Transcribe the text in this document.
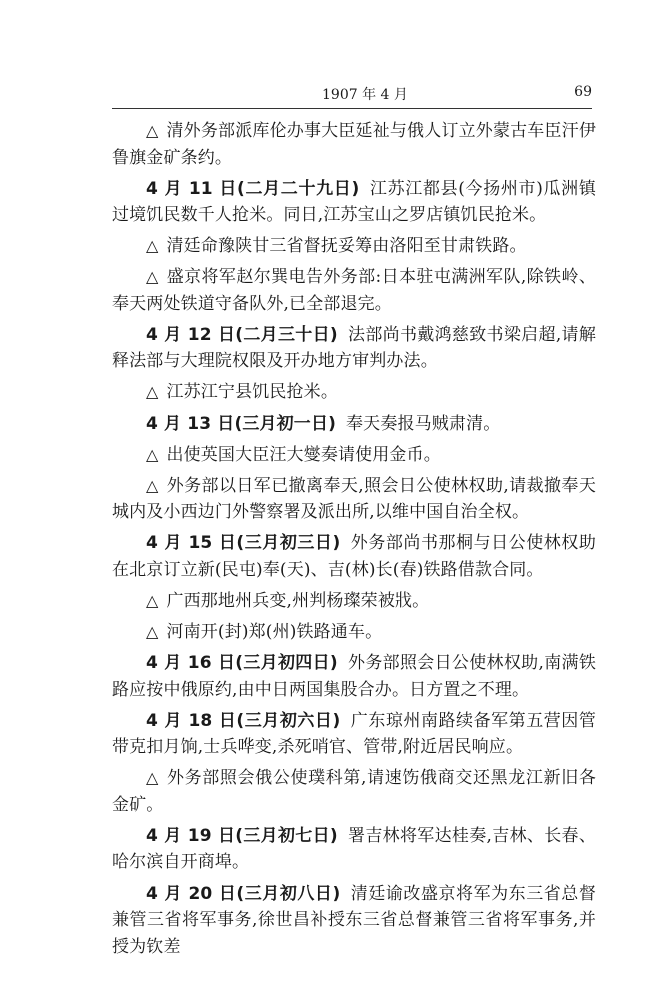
1907 年 4 月	69

△ 清外务部派库伦办事大臣延祉与俄人订立外蒙古车臣汗伊鲁旗金矿条约。

4 月 11 日(二月二十九日) 江苏江都县(今扬州市)瓜洲镇过境饥民数千人抢米。同日,江苏宝山之罗店镇饥民抢米。

△ 清廷命豫陕甘三省督抚妥筹由洛阳至甘肃铁路。

△ 盛京将军赵尔巽电告外务部:日本驻屯满洲军队,除铁岭、奉天两处铁道守备队外,已全部退完。

4 月 12 日(二月三十日) 法部尚书戴鸿慈致书梁启超,请解释法部与大理院权限及开办地方审判办法。

△ 江苏江宁县饥民抢米。

4 月 13 日(三月初一日) 奉天奏报马贼肃清。

△ 出使英国大臣汪大燮奏请使用金币。

△ 外务部以日军已撤离奉天,照会日公使林权助,请裁撤奉天城内及小西边门外警察署及派出所,以维中国自治全权。

4 月 15 日(三月初三日) 外务部尚书那桐与日公使林权助在北京订立新(民屯)奉(天)、吉(林)长(春)铁路借款合同。

△ 广西那地州兵变,州判杨璨荣被戕。

△ 河南开(封)郑(州)铁路通车。

4 月 16 日(三月初四日) 外务部照会日公使林权助,南满铁路应按中俄原约,由中日两国集股合办。日方置之不理。

4 月 18 日(三月初六日) 广东琼州南路续备军第五营因管带克扣月饷,士兵哗变,杀死哨官、管带,附近居民响应。

△ 外务部照会俄公使璞科第,请速饬俄商交还黑龙江新旧各金矿。

4 月 19 日(三月初七日) 署吉林将军达桂奏,吉林、长春、哈尔滨自开商埠。

4 月 20 日(三月初八日) 清廷谕改盛京将军为东三省总督兼管三省将军事务,徐世昌补授东三省总督兼管三省将军事务,并授为钦差
